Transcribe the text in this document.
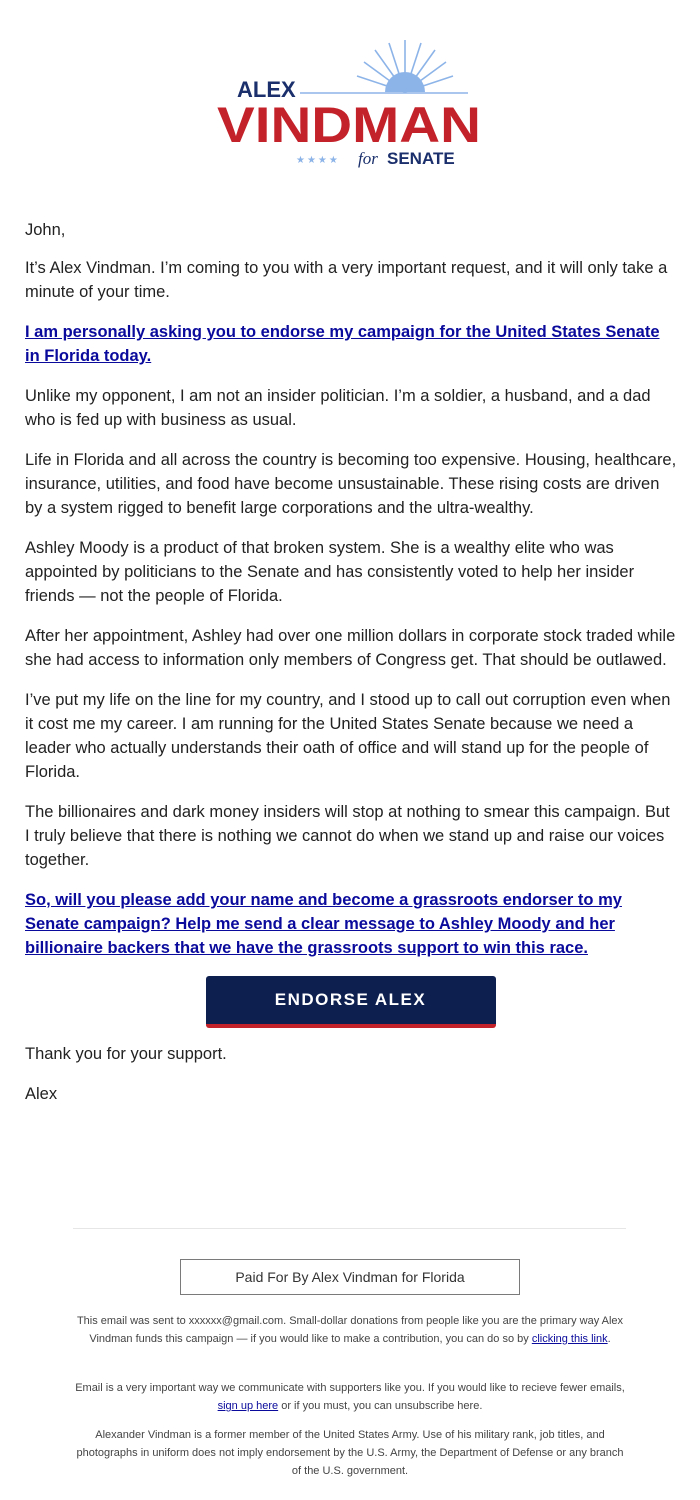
ALEX
VINDMAN
★★★★ for SENATE

John,

It’s Alex Vindman. I’m coming to you with a very important request, and it will only take a minute of your time.

I am personally asking you to endorse my campaign for the United States Senate in Florida today.

Unlike my opponent, I am not an insider politician. I’m a soldier, a husband, and a dad who is fed up with business as usual.

Life in Florida and all across the country is becoming too expensive. Housing, healthcare, insurance, utilities, and food have become unsustainable. These rising costs are driven by a system rigged to benefit large corporations and the ultra-wealthy.

Ashley Moody is a product of that broken system. She is a wealthy elite who was appointed by politicians to the Senate and has consistently voted to help her insider friends — not the people of Florida.

After her appointment, Ashley had over one million dollars in corporate stock traded while she had access to information only members of Congress get. That should be outlawed.

I’ve put my life on the line for my country, and I stood up to call out corruption even when it cost me my career. I am running for the United States Senate because we need a leader who actually understands their oath of office and will stand up for the people of Florida.

The billionaires and dark money insiders will stop at nothing to smear this campaign. But I truly believe that there is nothing we cannot do when we stand up and raise our voices together.

So, will you please add your name and become a grassroots endorser to my Senate campaign? Help me send a clear message to Ashley Moody and her billionaire backers that we have the grassroots support to win this race.

ENDORSE ALEX

Thank you for your support.

Alex

Paid For By Alex Vindman for Florida

This email was sent to xxxxxx@gmail.com. Small-dollar donations from people like you are the primary way Alex Vindman funds this campaign — if you would like to make a contribution, you can do so by clicking this link.

Email is a very important way we communicate with supporters like you. If you would like to recieve fewer emails, sign up here or if you must, you can unsubscribe here.

Alexander Vindman is a former member of the United States Army. Use of his military rank, job titles, and photographs in uniform does not imply endorsement by the U.S. Army, the Department of Defense or any branch of the U.S. government.
